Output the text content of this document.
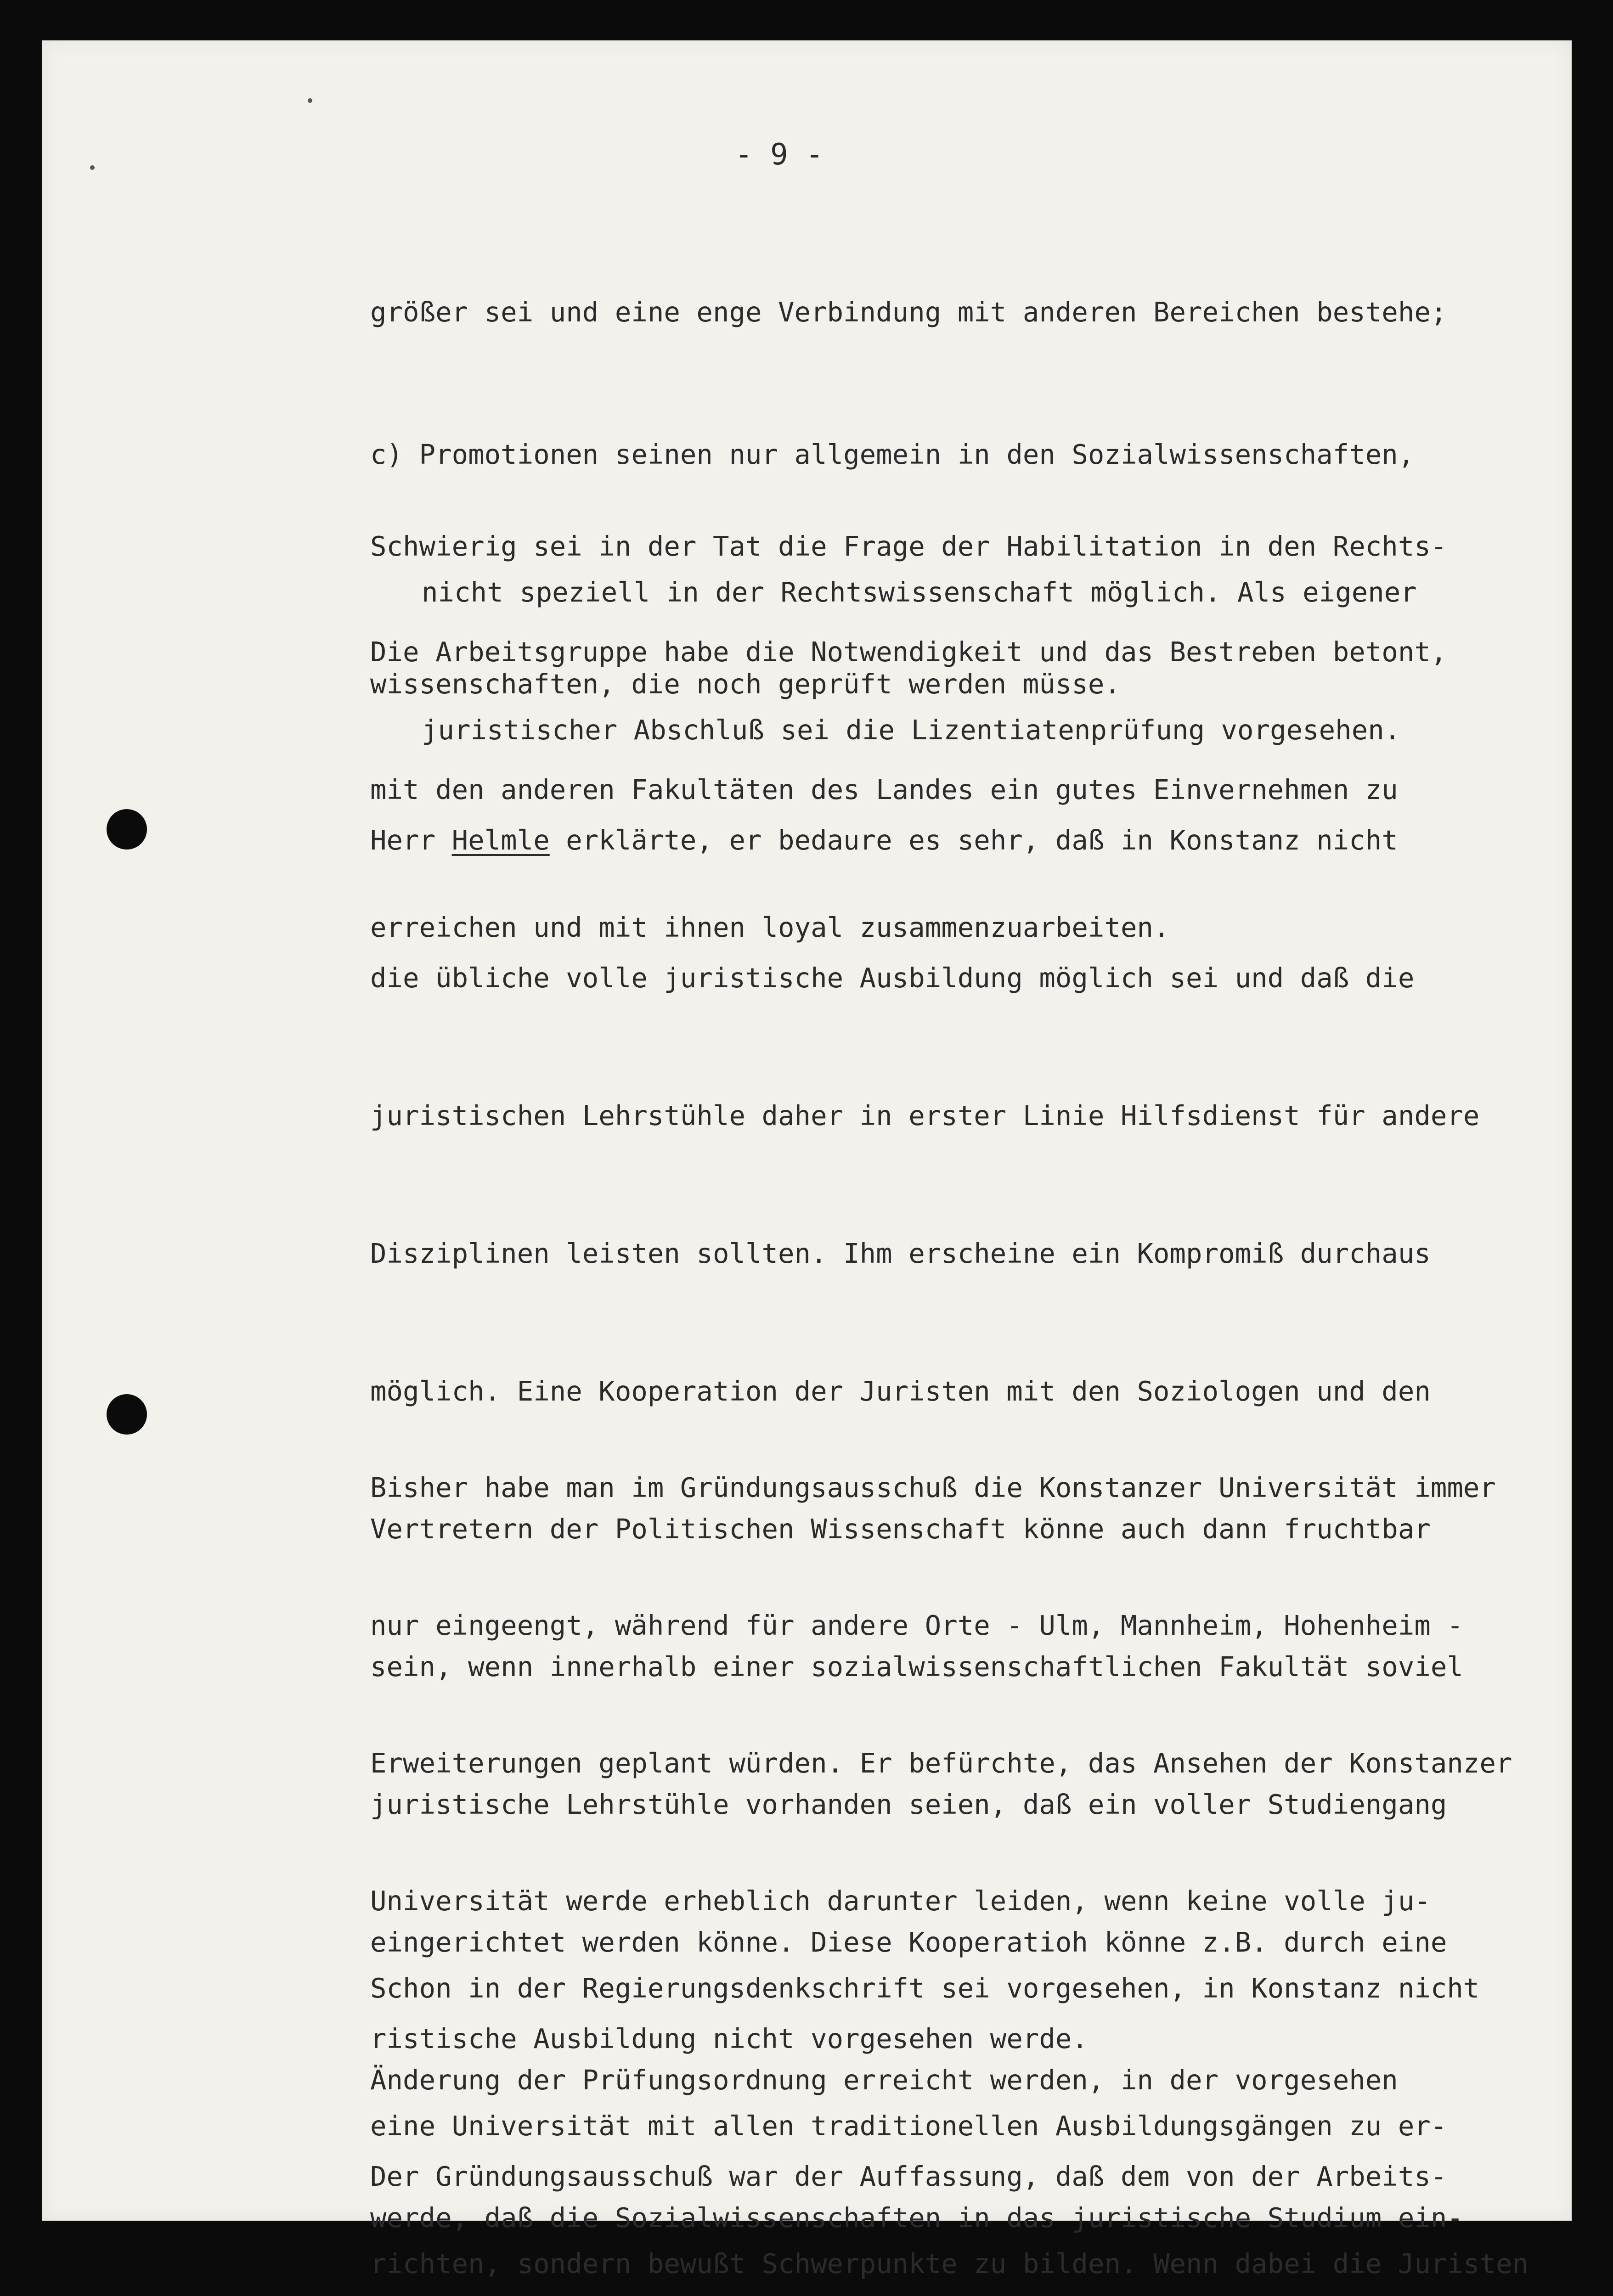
- 9 -

größer sei und eine enge Verbindung mit anderen Bereichen bestehe;

c) Promotionen seinen nur allgemein in den Sozialwissenschaften,

nicht speziell in der Rechtswissenschaft möglich. Als eigener

juristischer Abschluß sei die Lizentiatenprüfung vorgesehen.

Schwierig sei in der Tat die Frage der Habilitation in den Rechts-

wissenschaften, die noch geprüft werden müsse.

Die Arbeitsgruppe habe die Notwendigkeit und das Bestreben betont,

mit den anderen Fakultäten des Landes ein gutes Einvernehmen zu

erreichen und mit ihnen loyal zusammenzuarbeiten.

Herr Helmle erklärte, er bedaure es sehr, daß in Konstanz nicht

die übliche volle juristische Ausbildung möglich sei und daß die

juristischen Lehrstühle daher in erster Linie Hilfsdienst für andere

Disziplinen leisten sollten. Ihm erscheine ein Kompromiß durchaus

möglich. Eine Kooperation der Juristen mit den Soziologen und den

Vertretern der Politischen Wissenschaft könne auch dann fruchtbar

sein, wenn innerhalb einer sozialwissenschaftlichen Fakultät soviel

juristische Lehrstühle vorhanden seien, daß ein voller Studiengang

eingerichtet werden könne. Diese Kooperatioh könne z.B. durch eine

Änderung der Prüfungsordnung erreicht werden, in der vorgesehen

werde, daß die Sozialwissenschaften in das juristische Studium ein-

Bisher habe man im Gründungsausschuß die Konstanzer Universität immer

nur eingeengt, während für andere Orte - Ulm, Mannheim, Hohenheim -

Erweiterungen geplant würden. Er befürchte, das Ansehen der Konstanzer

Universität werde erheblich darunter leiden, wenn keine volle ju-

ristische Ausbildung nicht vorgesehen werde.

Der Gründungsausschuß war der Auffassung, daß dem von der Arbeits-

Schon in der Regierungsdenkschrift sei vorgesehen, in Konstanz nicht

eine Universität mit allen traditionellen Ausbildungsgängen zu er-

richten, sondern bewußt Schwerpunkte zu bilden. Wenn dabei die Juristen
